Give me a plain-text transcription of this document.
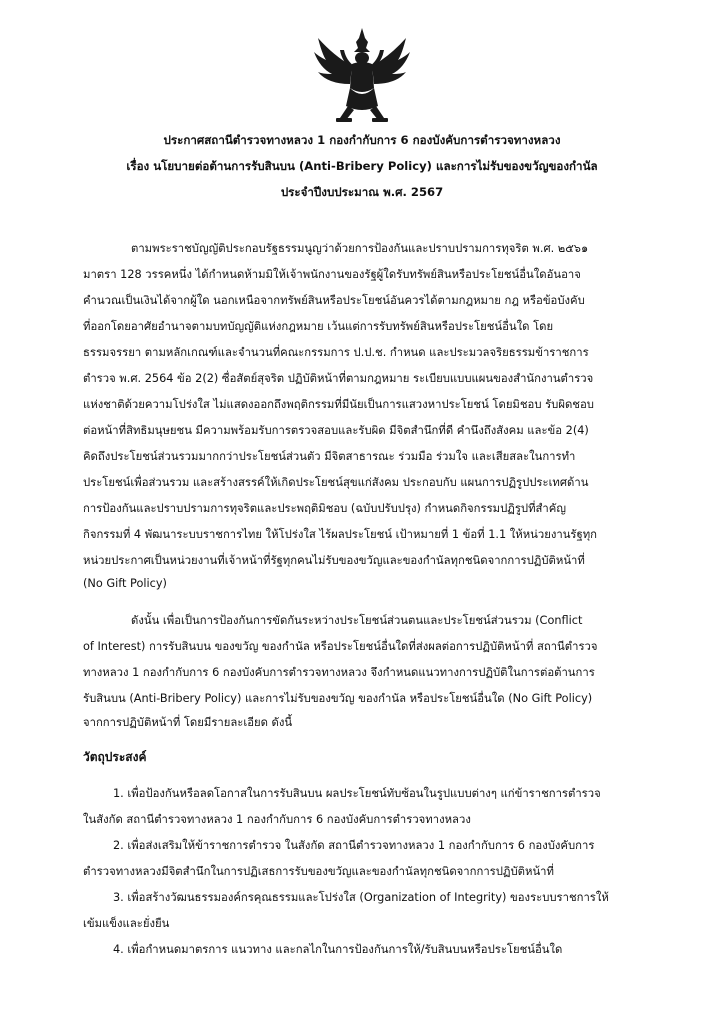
ประกาศสถานีตำรวจทางหลวง 1 กองกำกับการ 6 กองบังคับการตำรวจทางหลวง
เรื่อง นโยบายต่อต้านการรับสินบน (Anti-Bribery Policy) และการไม่รับของขวัญของกำนัล
ประจำปีงบประมาณ พ.ศ. 2567
ตามพระราชบัญญัติประกอบรัฐธรรมนูญว่าด้วยการป้องกันและปราบปรามการทุจริต พ.ศ. ๒๕๖๑
มาตรา 128 วรรคหนึ่ง ได้กำหนดห้ามมิให้เจ้าพนักงานของรัฐผู้ใดรับทรัพย์สินหรือประโยชน์อื่นใดอันอาจ
คำนวณเป็นเงินได้จากผู้ใด นอกเหนือจากทรัพย์สินหรือประโยชน์อันควรได้ตามกฎหมาย กฎ หรือข้อบังคับ
ที่ออกโดยอาศัยอำนาจตามบทบัญญัติแห่งกฎหมาย เว้นแต่การรับทรัพย์สินหรือประโยชน์อื่นใด โดย
ธรรมจรรยา ตามหลักเกณฑ์และจำนวนที่คณะกรรมการ ป.ป.ช. กำหนด และประมวลจริยธรรมข้าราชการ
ตำรวจ พ.ศ. 2564 ข้อ 2(2) ซื่อสัตย์สุจริต ปฏิบัติหน้าที่ตามกฎหมาย ระเบียบแบบแผนของสำนักงานตำรวจ
แห่งชาติด้วยความโปร่งใส ไม่แสดงออกถึงพฤติกรรมที่มีนัยเป็นการแสวงหาประโยชน์ โดยมิชอบ รับผิดชอบ
ต่อหน้าที่สิทธิมนุษยชน มีความพร้อมรับการตรวจสอบและรับผิด มีจิตสำนึกที่ดี คำนึงถึงสังคม และข้อ 2(4)
คิดถึงประโยชน์ส่วนรวมมากกว่าประโยชน์ส่วนตัว มีจิตสาธารณะ ร่วมมือ ร่วมใจ และเสียสละในการทำ
ประโยชน์เพื่อส่วนรวม และสร้างสรรค์ให้เกิดประโยชน์สุขแก่สังคม ประกอบกับ แผนการปฏิรูปประเทศด้าน
การป้องกันและปราบปรามการทุจริตและประพฤติมิชอบ (ฉบับปรับปรุง) กำหนดกิจกรรมปฏิรูปที่สำคัญ
กิจกรรมที่ 4 พัฒนาระบบราชการไทย ให้โปร่งใส ไร้ผลประโยชน์ เป้าหมายที่ 1 ข้อที่ 1.1 ให้หน่วยงานรัฐทุก
หน่วยประกาศเป็นหน่วยงานที่เจ้าหน้าที่รัฐทุกคนไม่รับของขวัญและของกำนัลทุกชนิดจากการปฏิบัติหน้าที่
(No Gift Policy)
ดังนั้น เพื่อเป็นการป้องกันการขัดกันระหว่างประโยชน์ส่วนตนและประโยชน์ส่วนรวม (Conflict
of Interest) การรับสินบน ของขวัญ ของกำนัล หรือประโยชน์อื่นใดที่ส่งผลต่อการปฏิบัติหน้าที่ สถานีตำรวจ
ทางหลวง 1 กองกำกับการ 6 กองบังคับการตำรวจทางหลวง จึงกำหนดแนวทางการปฏิบัติในการต่อต้านการ
รับสินบน (Anti-Bribery Policy) และการไม่รับของขวัญ ของกำนัล หรือประโยชน์อื่นใด (No Gift Policy)
จากการปฏิบัติหน้าที่ โดยมีรายละเอียด ดังนี้
วัตถุประสงค์
1. เพื่อป้องกันหรือลดโอกาสในการรับสินบน ผลประโยชน์ทับซ้อนในรูปแบบต่างๆ แก่ข้าราชการตำรวจ
ในสังกัด สถานีตำรวจทางหลวง 1 กองกำกับการ 6 กองบังคับการตำรวจทางหลวง
2. เพื่อส่งเสริมให้ข้าราชการตำรวจ ในสังกัด สถานีตำรวจทางหลวง 1 กองกำกับการ 6 กองบังคับการ
ตำรวจทางหลวงมีจิตสำนึกในการปฏิเสธการรับของขวัญและของกำนัลทุกชนิดจากการปฏิบัติหน้าที่
3. เพื่อสร้างวัฒนธรรมองค์กรคุณธรรมและโปร่งใส (Organization of Integrity) ของระบบราชการให้
เข้มแข็งและยั่งยืน
4. เพื่อกำหนดมาตรการ แนวทาง และกลไกในการป้องกันการให้/รับสินบนหรือประโยชน์อื่นใด
